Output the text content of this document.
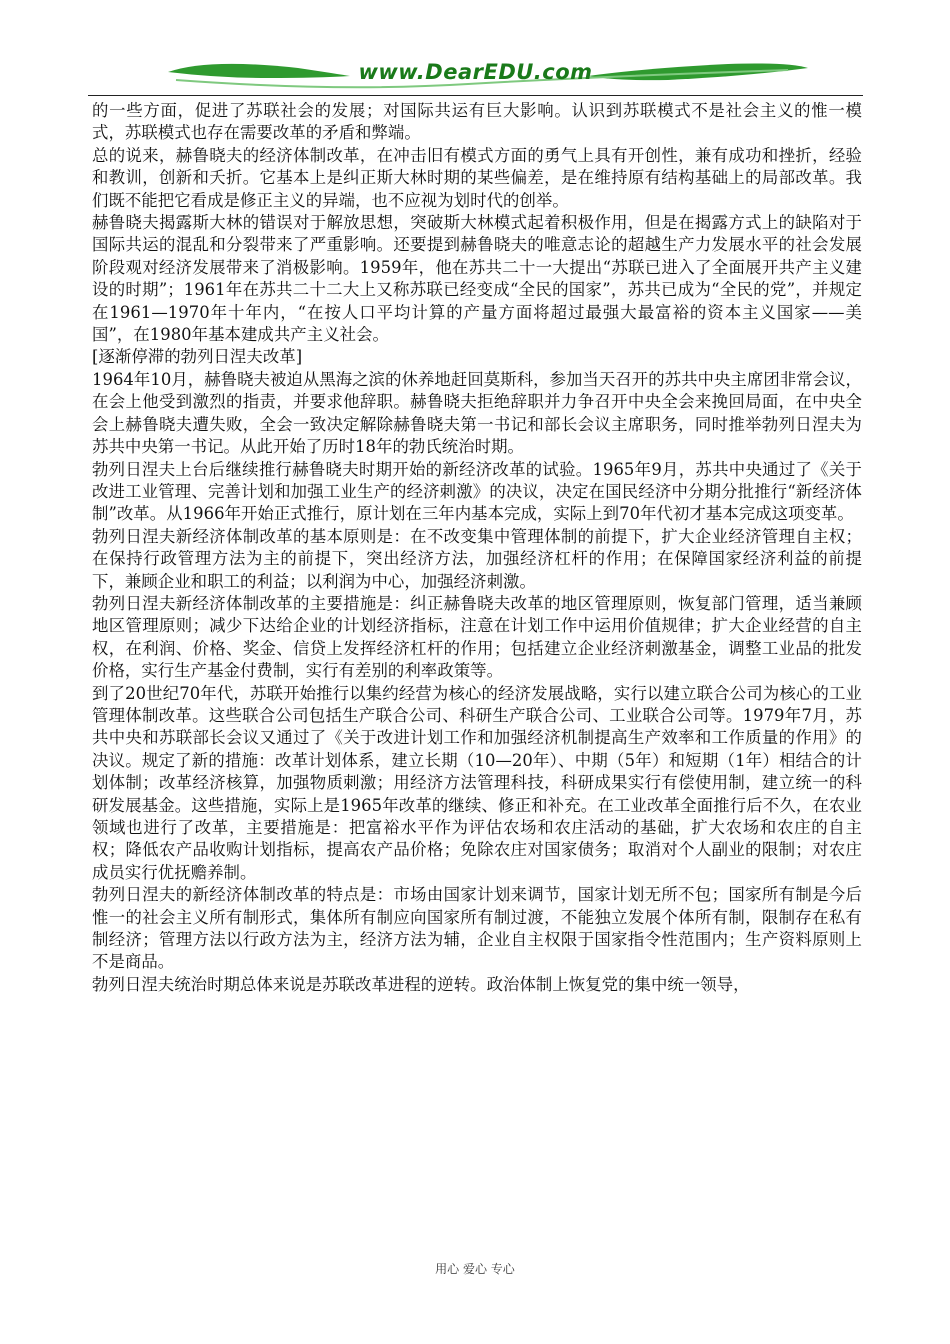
www.DearEDU.com

的一些方面，促进了苏联社会的发展；对国际共运有巨大影响。认识到苏联模式不是社会主义的惟一模式，苏联模式也存在需要改革的矛盾和弊端。

总的说来，赫鲁晓夫的经济体制改革，在冲击旧有模式方面的勇气上具有开创性，兼有成功和挫折，经验和教训，创新和夭折。它基本上是纠正斯大林时期的某些偏差，是在维持原有结构基础上的局部改革。我们既不能把它看成是修正主义的异端，也不应视为划时代的创举。

赫鲁晓夫揭露斯大林的错误对于解放思想，突破斯大林模式起着积极作用，但是在揭露方式上的缺陷对于国际共运的混乱和分裂带来了严重影响。还要提到赫鲁晓夫的唯意志论的超越生产力发展水平的社会发展阶段观对经济发展带来了消极影响。1959年，他在苏共二十一大提出“苏联已进入了全面展开共产主义建设的时期”；1961年在苏共二十二大上又称苏联已经变成“全民的国家”，苏共已成为“全民的党”，并规定在1961—1970年十年内，“在按人口平均计算的产量方面将超过最强大最富裕的资本主义国家——美国”，在1980年基本建成共产主义社会。

[逐渐停滞的勃列日涅夫改革]

1964年10月，赫鲁晓夫被迫从黑海之滨的休养地赶回莫斯科，参加当天召开的苏共中央主席团非常会议，在会上他受到激烈的指责，并要求他辞职。赫鲁晓夫拒绝辞职并力争召开中央全会来挽回局面，在中央全会上赫鲁晓夫遭失败，全会一致决定解除赫鲁晓夫第一书记和部长会议主席职务，同时推举勃列日涅夫为苏共中央第一书记。从此开始了历时18年的勃氏统治时期。

勃列日涅夫上台后继续推行赫鲁晓夫时期开始的新经济改革的试验。1965年9月，苏共中央通过了《关于改进工业管理、完善计划和加强工业生产的经济刺激》的决议，决定在国民经济中分期分批推行“新经济体制”改革。从1966年开始正式推行，原计划在三年内基本完成，实际上到70年代初才基本完成这项变革。

勃列日涅夫新经济体制改革的基本原则是：在不改变集中管理体制的前提下，扩大企业经济管理自主权；在保持行政管理方法为主的前提下，突出经济方法，加强经济杠杆的作用；在保障国家经济利益的前提下，兼顾企业和职工的利益；以利润为中心，加强经济刺激。

勃列日涅夫新经济体制改革的主要措施是：纠正赫鲁晓夫改革的地区管理原则，恢复部门管理，适当兼顾地区管理原则；减少下达给企业的计划经济指标，注意在计划工作中运用价值规律；扩大企业经营的自主权，在利润、价格、奖金、信贷上发挥经济杠杆的作用；包括建立企业经济刺激基金，调整工业品的批发价格，实行生产基金付费制，实行有差别的利率政策等。

到了20世纪70年代，苏联开始推行以集约经营为核心的经济发展战略，实行以建立联合公司为核心的工业管理体制改革。这些联合公司包括生产联合公司、科研生产联合公司、工业联合公司等。1979年7月，苏共中央和苏联部长会议又通过了《关于改进计划工作和加强经济机制提高生产效率和工作质量的作用》的决议。规定了新的措施：改革计划体系，建立长期（10—20年）、中期（5年）和短期（1年）相结合的计划体制；改革经济核算，加强物质刺激；用经济方法管理科技，科研成果实行有偿使用制，建立统一的科研发展基金。这些措施，实际上是1965年改革的继续、修正和补充。在工业改革全面推行后不久，在农业领域也进行了改革，主要措施是：把富裕水平作为评估农场和农庄活动的基础，扩大农场和农庄的自主权；降低农产品收购计划指标，提高农产品价格；免除农庄对国家债务；取消对个人副业的限制；对农庄成员实行优抚赡养制。

勃列日涅夫的新经济体制改革的特点是：市场由国家计划来调节，国家计划无所不包；国家所有制是今后惟一的社会主义所有制形式，集体所有制应向国家所有制过渡，不能独立发展个体所有制，限制存在私有制经济；管理方法以行政方法为主，经济方法为辅，企业自主权限于国家指令性范围内；生产资料原则上不是商品。

勃列日涅夫统治时期总体来说是苏联改革进程的逆转。政治体制上恢复党的集中统一领导，

用心 爱心 专心
